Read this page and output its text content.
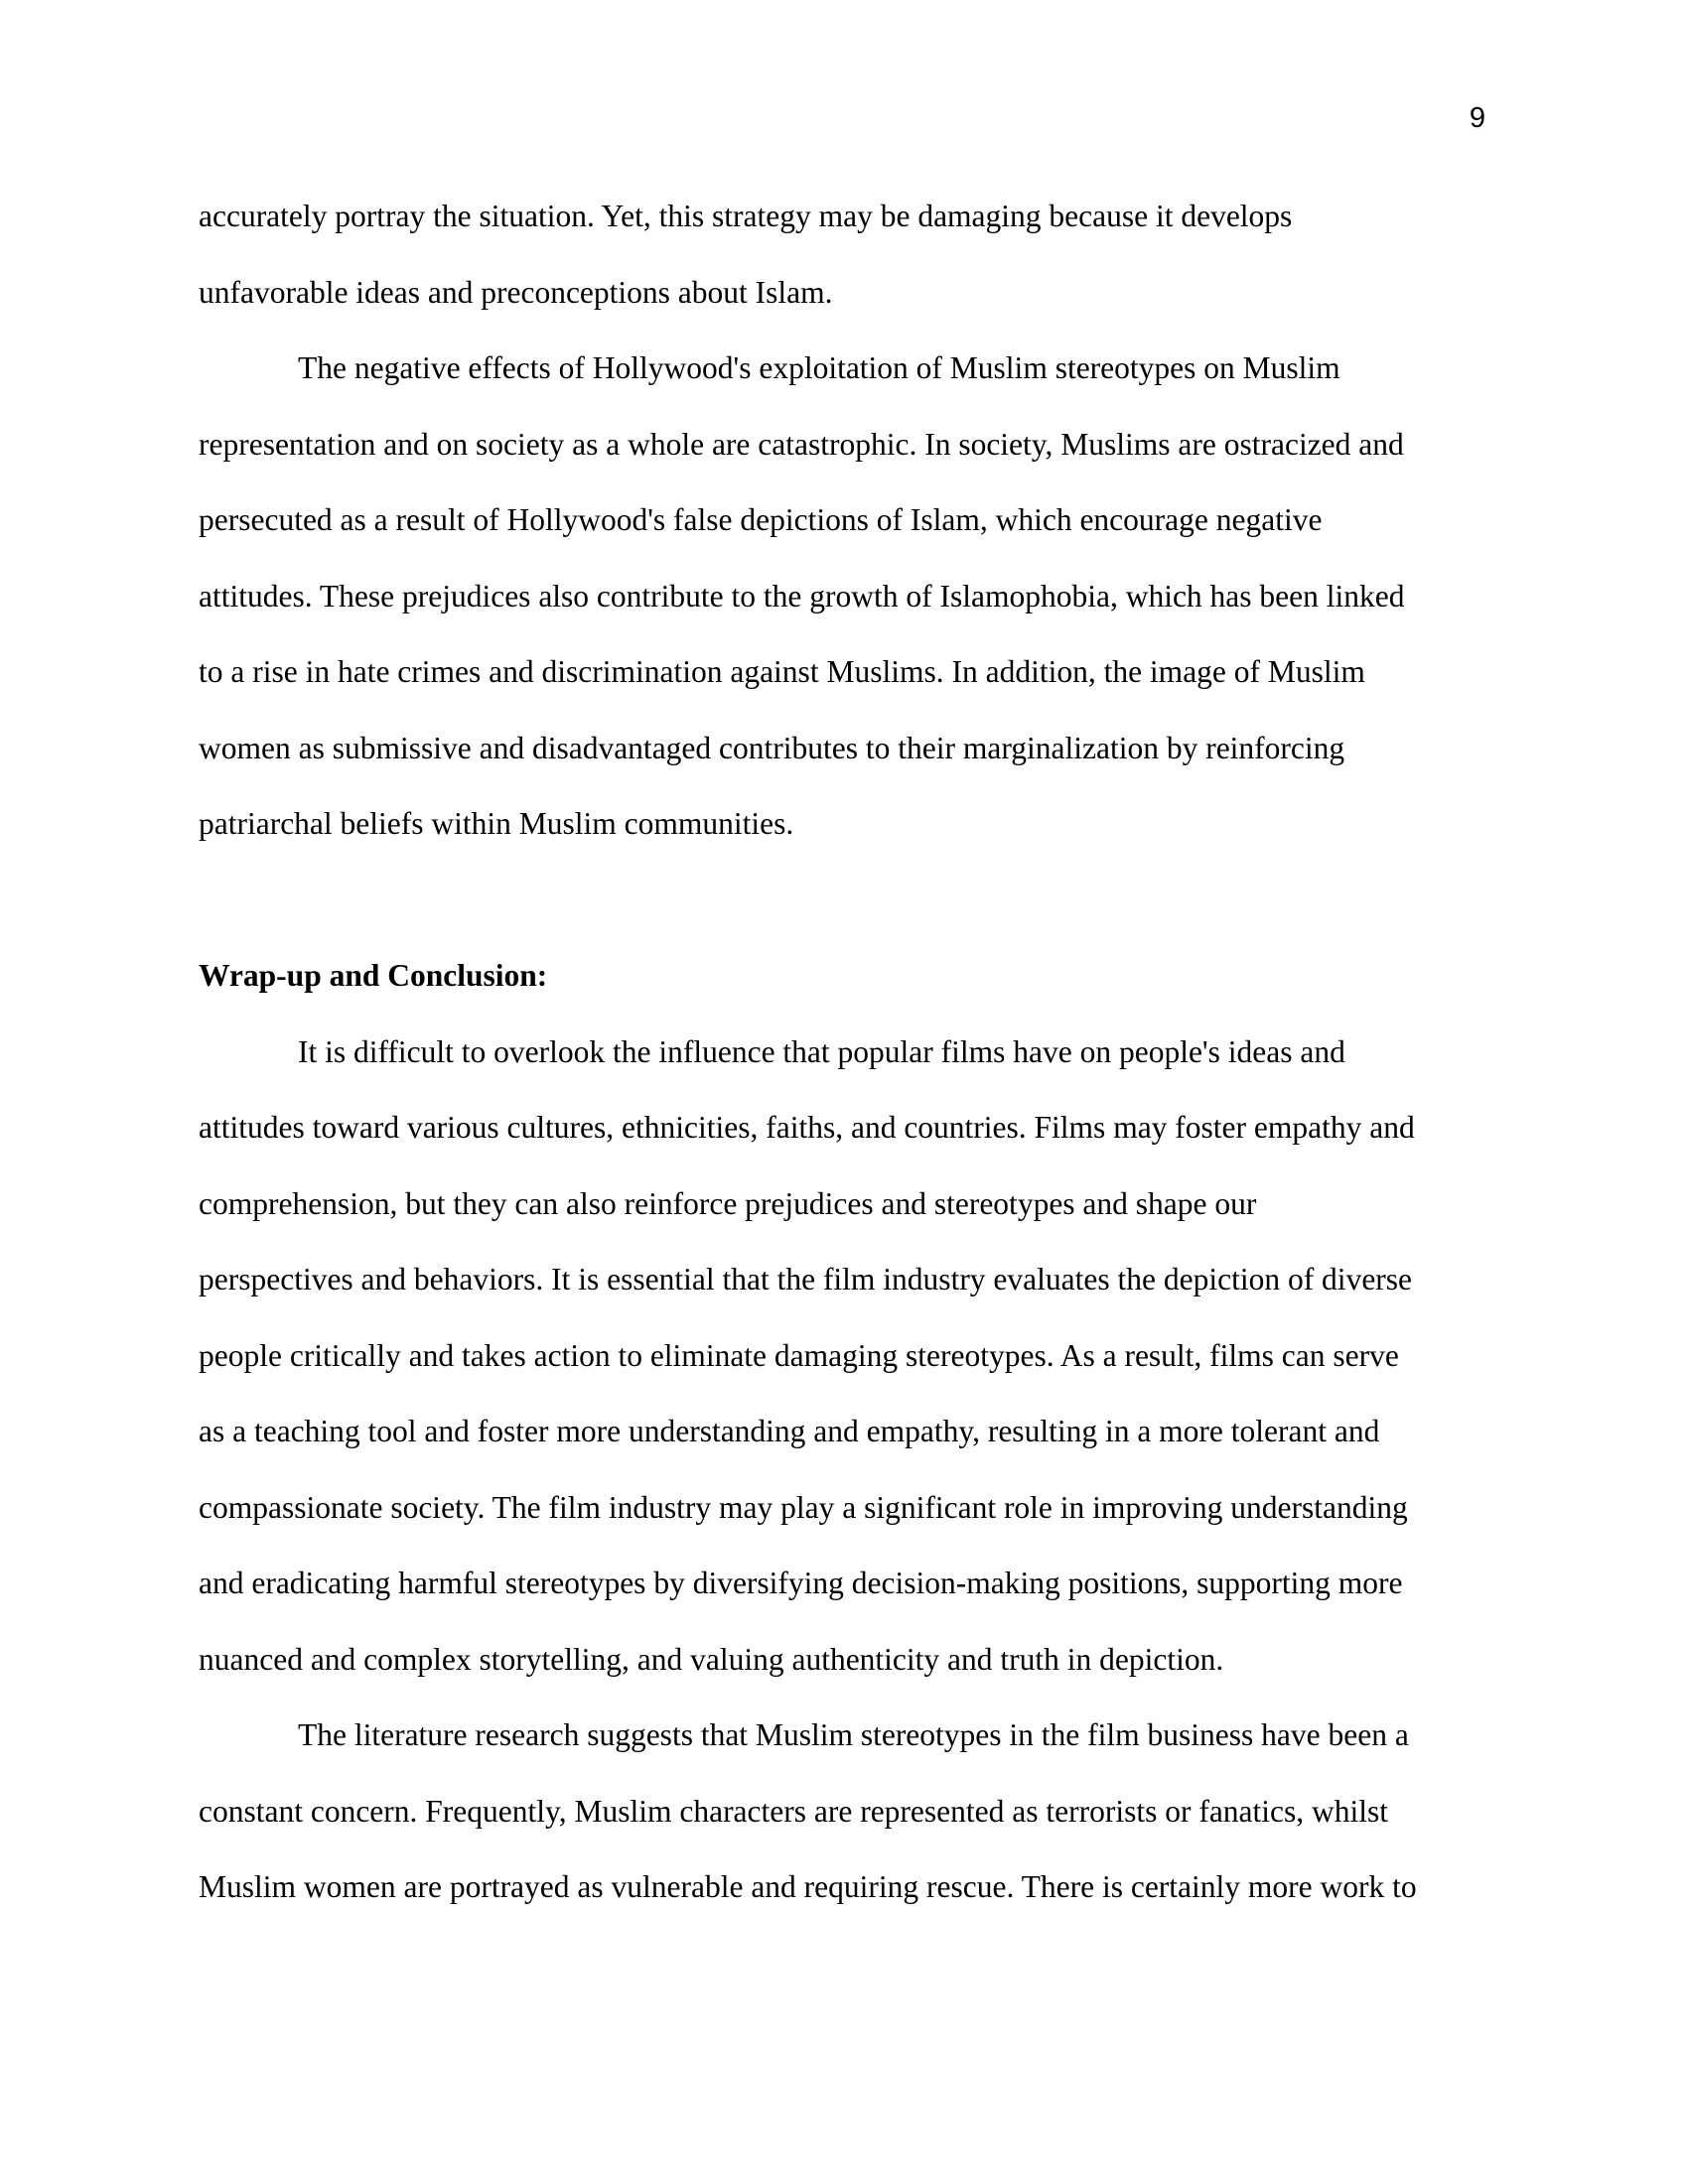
9
accurately portray the situation. Yet, this strategy may be damaging because it develops
unfavorable ideas and preconceptions about Islam.
The negative effects of Hollywood's exploitation of Muslim stereotypes on Muslim
representation and on society as a whole are catastrophic. In society, Muslims are ostracized and
persecuted as a result of Hollywood's false depictions of Islam, which encourage negative
attitudes. These prejudices also contribute to the growth of Islamophobia, which has been linked
to a rise in hate crimes and discrimination against Muslims. In addition, the image of Muslim
women as submissive and disadvantaged contributes to their marginalization by reinforcing
patriarchal beliefs within Muslim communities.
Wrap-up and Conclusion:
It is difficult to overlook the influence that popular films have on people's ideas and
attitudes toward various cultures, ethnicities, faiths, and countries. Films may foster empathy and
comprehension, but they can also reinforce prejudices and stereotypes and shape our
perspectives and behaviors. It is essential that the film industry evaluates the depiction of diverse
people critically and takes action to eliminate damaging stereotypes. As a result, films can serve
as a teaching tool and foster more understanding and empathy, resulting in a more tolerant and
compassionate society. The film industry may play a significant role in improving understanding
and eradicating harmful stereotypes by diversifying decision-making positions, supporting more
nuanced and complex storytelling, and valuing authenticity and truth in depiction.
The literature research suggests that Muslim stereotypes in the film business have been a
constant concern. Frequently, Muslim characters are represented as terrorists or fanatics, whilst
Muslim women are portrayed as vulnerable and requiring rescue. There is certainly more work to
